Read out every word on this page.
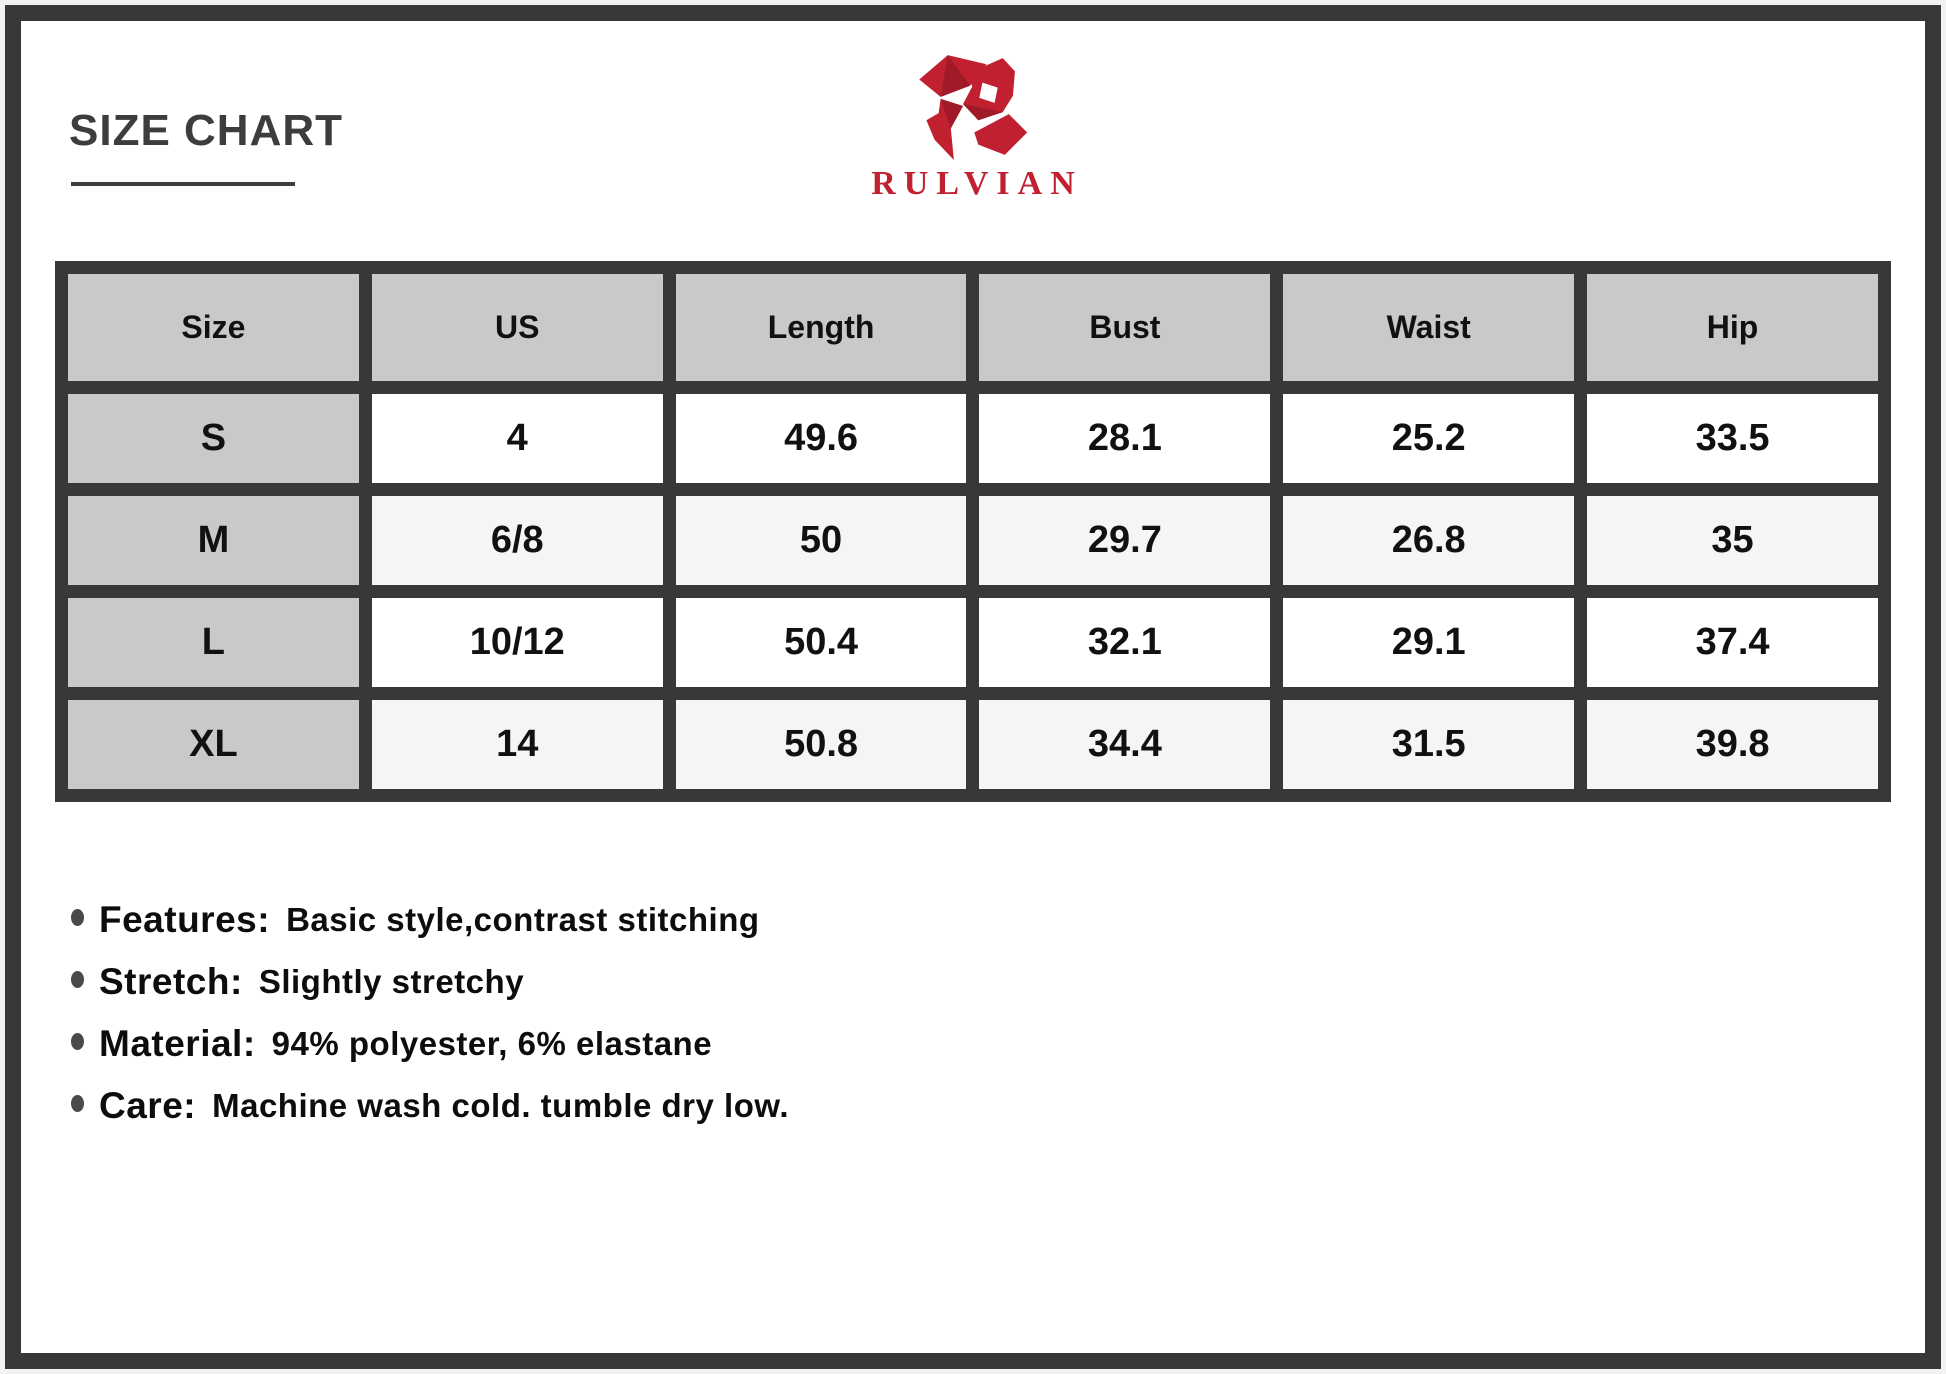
SIZE CHART
RULVIAN
Size	US	Length	Bust	Waist	Hip
S	4	49.6	28.1	25.2	33.5
M	6/8	50	29.7	26.8	35
L	10/12	50.4	32.1	29.1	37.4
XL	14	50.8	34.4	31.5	39.8
Features: Basic style,contrast stitching
Stretch: Slightly stretchy
Material: 94% polyester, 6% elastane
Care: Machine wash cold. tumble dry low.
